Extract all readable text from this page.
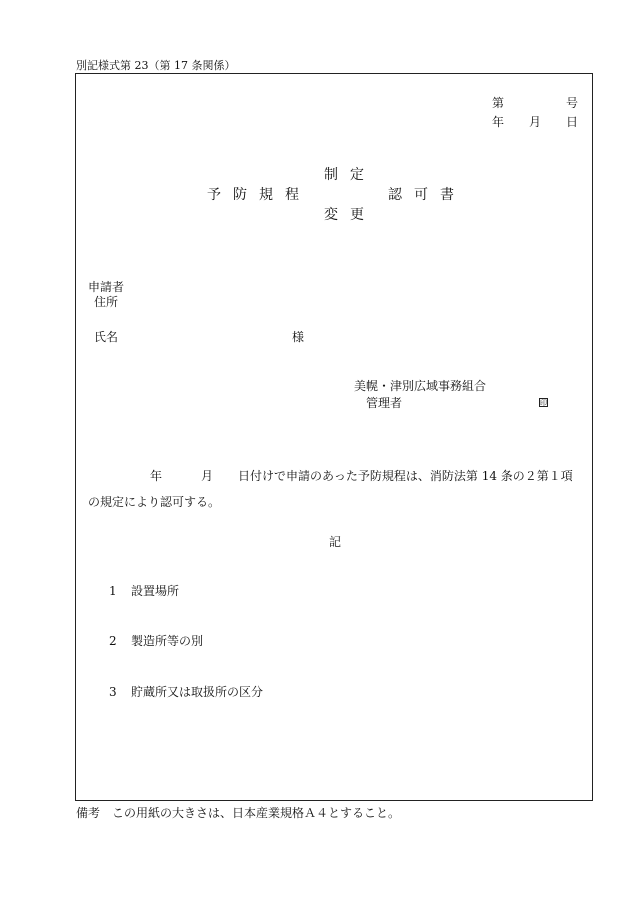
別記様式第 23（第 17 条関係）
第	号
年 月 日
制定
予防規程	認可書
変更
申請者
住所
氏名	様
美幌・津別広域事務組合
管理者	印
年	月 日付けで申請のあった予防規程は、消防法第 14 条の２第１項
の規定により認可する。
記
1 設置場所
2 製造所等の別
3 貯蔵所又は取扱所の区分
備考　この用紙の大きさは、日本産業規格Ａ４とすること。
